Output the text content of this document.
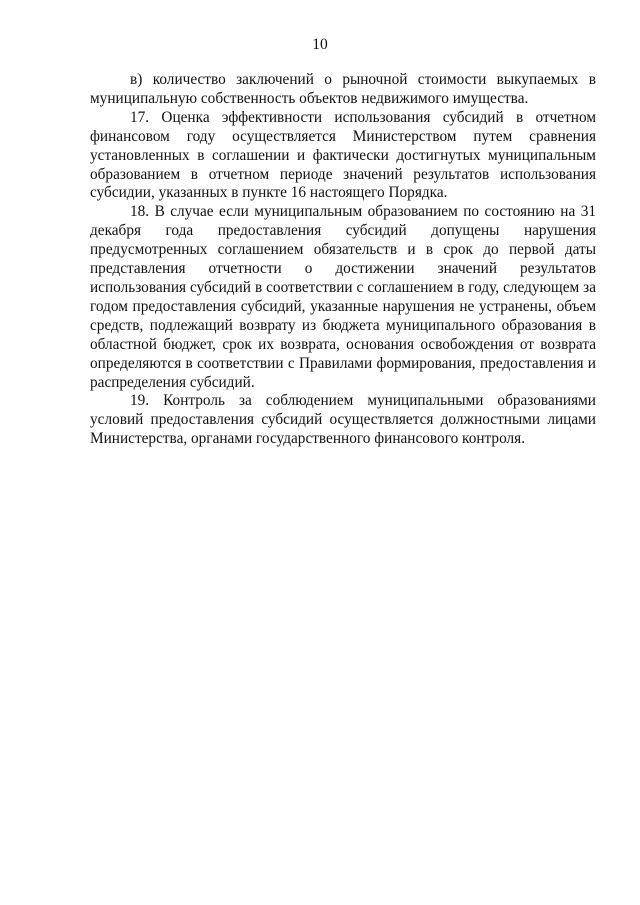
10

в) количество заключений о рыночной стоимости выкупаемых в муниципальную собственность объектов недвижимого имущества.

17. Оценка эффективности использования субсидий в отчетном финансовом году осуществляется Министерством путем сравнения установленных в соглашении и фактически достигнутых муниципальным образованием в отчетном периоде значений результатов использования субсидии, указанных в пункте 16 настоящего Порядка.

18. В случае если муниципальным образованием по состоянию на 31 декабря года предоставления субсидий допущены нарушения предусмотренных соглашением обязательств и в срок до первой даты представления отчетности о достижении значений результатов использования субсидий в соответствии с соглашением в году, следующем за годом предоставления субсидий, указанные нарушения не устранены, объем средств, подлежащий возврату из бюджета муниципального образования в областной бюджет, срок их возврата, основания освобождения от возврата определяются в соответствии с Правилами формирования, предоставления и распределения субсидий.

19. Контроль за соблюдением муниципальными образованиями условий предоставления субсидий осуществляется должностными лицами Министерства, органами государственного финансового контроля.
